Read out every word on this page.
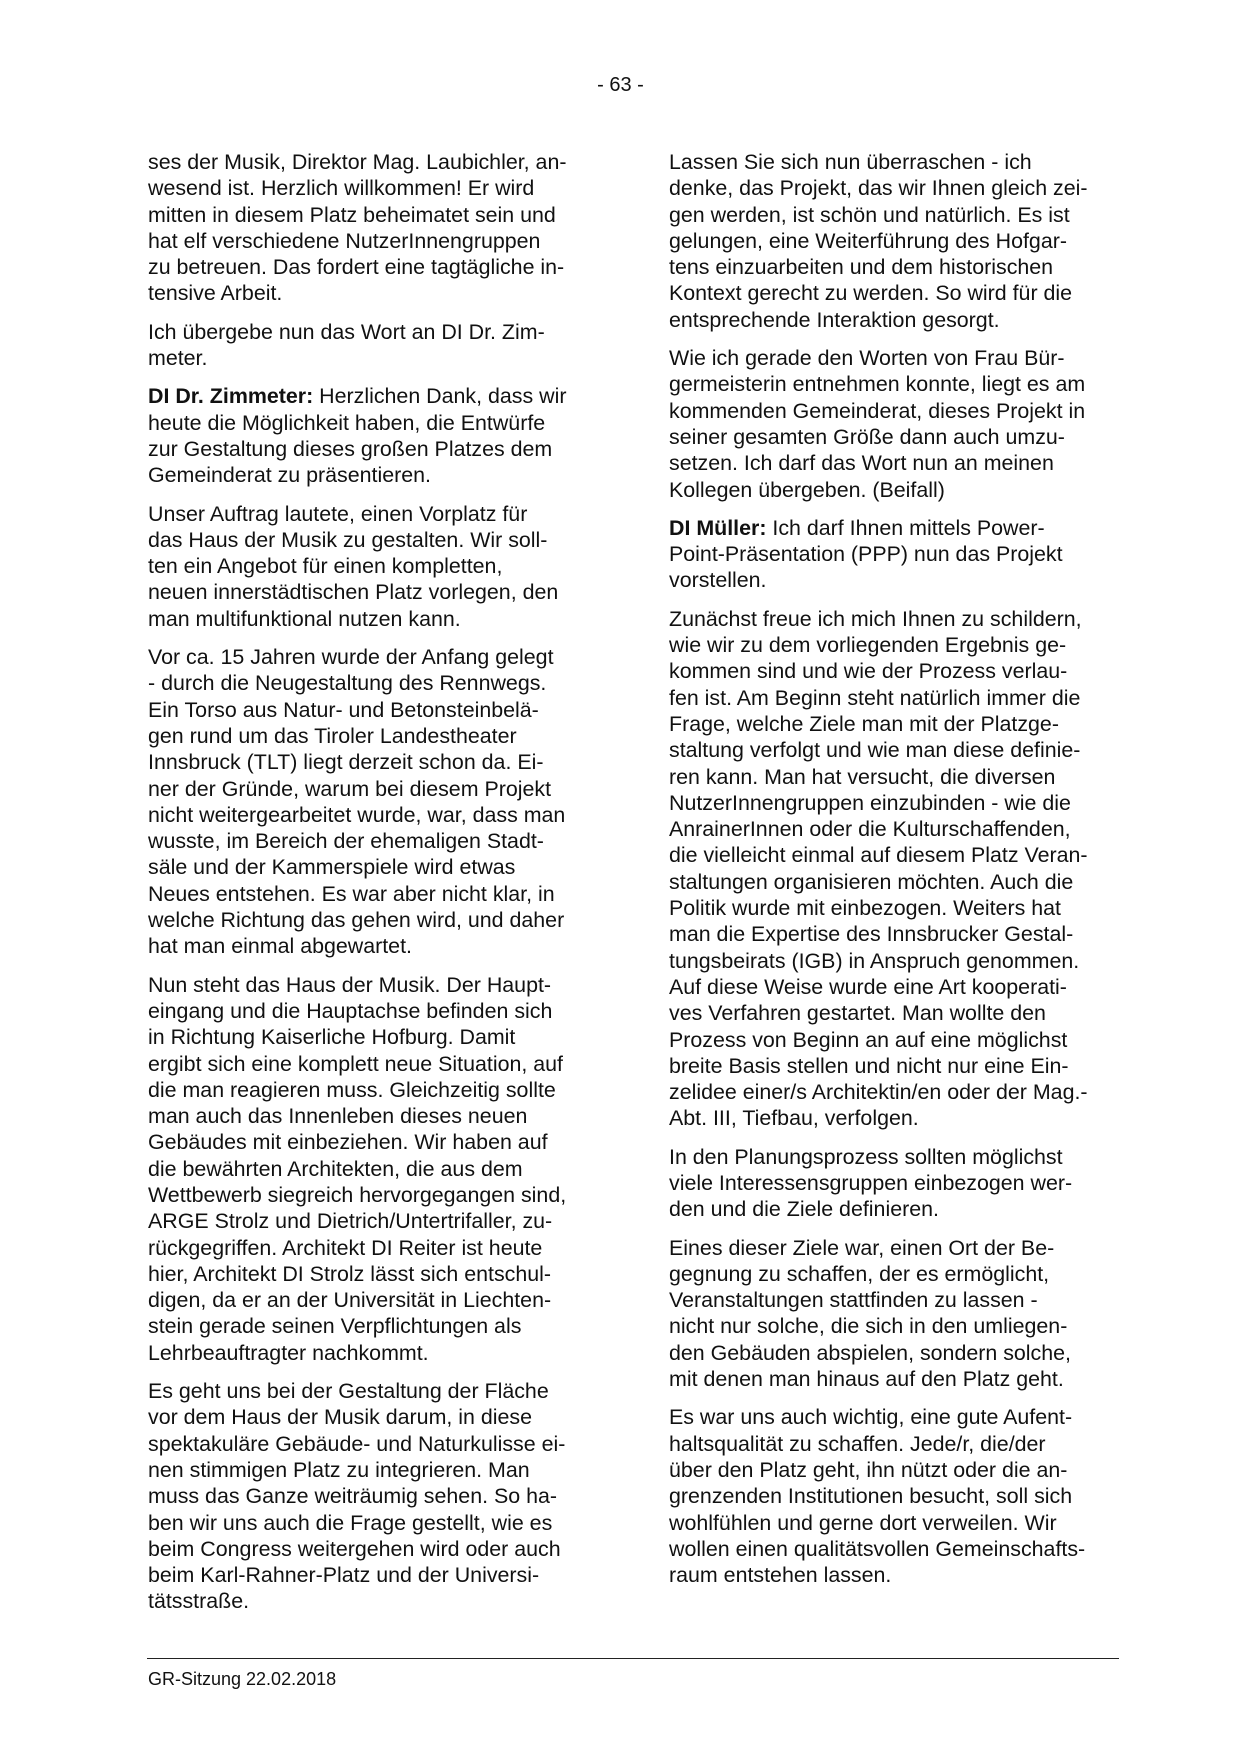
- 63 -

ses der Musik, Direktor Mag. Laubichler, an-
wesend ist. Herzlich willkommen! Er wird
mitten in diesem Platz beheimatet sein und
hat elf verschiedene NutzerInnengruppen
zu betreuen. Das fordert eine tagtägliche in-
tensive Arbeit.

Ich übergebe nun das Wort an DI Dr. Zim-
meter.

DI Dr. Zimmeter: Herzlichen Dank, dass wir
heute die Möglichkeit haben, die Entwürfe
zur Gestaltung dieses großen Platzes dem
Gemeinderat zu präsentieren.

Unser Auftrag lautete, einen Vorplatz für
das Haus der Musik zu gestalten. Wir soll-
ten ein Angebot für einen kompletten,
neuen innerstädtischen Platz vorlegen, den
man multifunktional nutzen kann.

Vor ca. 15 Jahren wurde der Anfang gelegt
- durch die Neugestaltung des Rennwegs.
Ein Torso aus Natur- und Betonsteinbelä-
gen rund um das Tiroler Landestheater
Innsbruck (TLT) liegt derzeit schon da. Ei-
ner der Gründe, warum bei diesem Projekt
nicht weitergearbeitet wurde, war, dass man
wusste, im Bereich der ehemaligen Stadt-
säle und der Kammerspiele wird etwas
Neues entstehen. Es war aber nicht klar, in
welche Richtung das gehen wird, und daher
hat man einmal abgewartet.

Nun steht das Haus der Musik. Der Haupt-
eingang und die Hauptachse befinden sich
in Richtung Kaiserliche Hofburg. Damit
ergibt sich eine komplett neue Situation, auf
die man reagieren muss. Gleichzeitig sollte
man auch das Innenleben dieses neuen
Gebäudes mit einbeziehen. Wir haben auf
die bewährten Architekten, die aus dem
Wettbewerb siegreich hervorgegangen sind,
ARGE Strolz und Dietrich/Untertrifaller, zu-
rückgegriffen. Architekt DI Reiter ist heute
hier, Architekt DI Strolz lässt sich entschul-
digen, da er an der Universität in Liechten-
stein gerade seinen Verpflichtungen als
Lehrbeauftragter nachkommt.

Es geht uns bei der Gestaltung der Fläche
vor dem Haus der Musik darum, in diese
spektakuläre Gebäude- und Naturkulisse ei-
nen stimmigen Platz zu integrieren. Man
muss das Ganze weiträumig sehen. So ha-
ben wir uns auch die Frage gestellt, wie es
beim Congress weitergehen wird oder auch
beim Karl-Rahner-Platz und der Universi-
tätsstraße.

Lassen Sie sich nun überraschen - ich
denke, das Projekt, das wir Ihnen gleich zei-
gen werden, ist schön und natürlich. Es ist
gelungen, eine Weiterführung des Hofgar-
tens einzuarbeiten und dem historischen
Kontext gerecht zu werden. So wird für die
entsprechende Interaktion gesorgt.

Wie ich gerade den Worten von Frau Bür-
germeisterin entnehmen konnte, liegt es am
kommenden Gemeinderat, dieses Projekt in
seiner gesamten Größe dann auch umzu-
setzen. Ich darf das Wort nun an meinen
Kollegen übergeben. (Beifall)

DI Müller: Ich darf Ihnen mittels Power-
Point-Präsentation (PPP) nun das Projekt
vorstellen.

Zunächst freue ich mich Ihnen zu schildern,
wie wir zu dem vorliegenden Ergebnis ge-
kommen sind und wie der Prozess verlau-
fen ist. Am Beginn steht natürlich immer die
Frage, welche Ziele man mit der Platzge-
staltung verfolgt und wie man diese definie-
ren kann. Man hat versucht, die diversen
NutzerInnengruppen einzubinden - wie die
AnrainerInnen oder die Kulturschaffenden,
die vielleicht einmal auf diesem Platz Veran-
staltungen organisieren möchten. Auch die
Politik wurde mit einbezogen. Weiters hat
man die Expertise des Innsbrucker Gestal-
tungsbeirats (IGB) in Anspruch genommen.
Auf diese Weise wurde eine Art kooperati-
ves Verfahren gestartet. Man wollte den
Prozess von Beginn an auf eine möglichst
breite Basis stellen und nicht nur eine Ein-
zelidee einer/s Architektin/en oder der Mag.-
Abt. III, Tiefbau, verfolgen.

In den Planungsprozess sollten möglichst
viele Interessensgruppen einbezogen wer-
den und die Ziele definieren.

Eines dieser Ziele war, einen Ort der Be-
gegnung zu schaffen, der es ermöglicht,
Veranstaltungen stattfinden zu lassen -
nicht nur solche, die sich in den umliegen-
den Gebäuden abspielen, sondern solche,
mit denen man hinaus auf den Platz geht.

Es war uns auch wichtig, eine gute Aufent-
haltsqualität zu schaffen. Jede/r, die/der
über den Platz geht, ihn nützt oder die an-
grenzenden Institutionen besucht, soll sich
wohlfühlen und gerne dort verweilen. Wir
wollen einen qualitätsvollen Gemeinschafts-
raum entstehen lassen.

GR-Sitzung 22.02.2018
